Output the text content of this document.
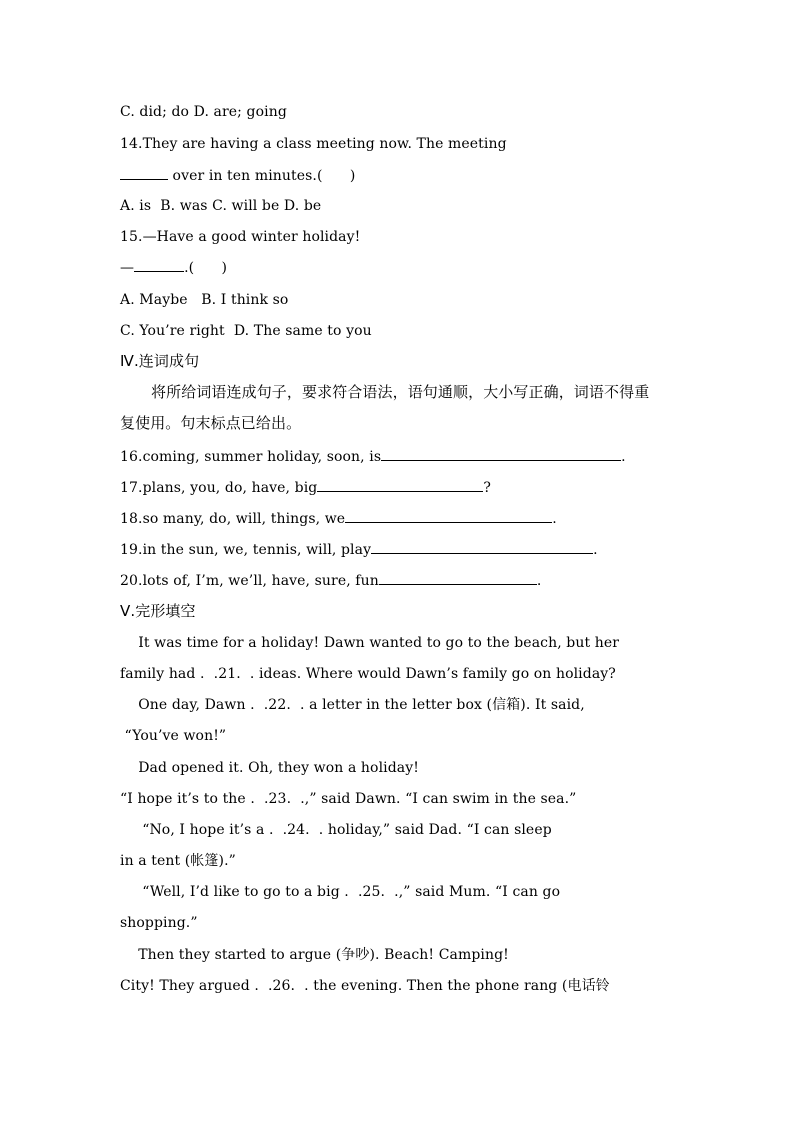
C. did; do D. are; going
14.They are having a class meeting now. The meeting
over in ten minutes.(      )
A. is  B. was C. will be D. be
15.—Have a good winter holiday!
—	.(      )
A. Maybe   B. I think so
C. You’re right  D. The same to you
Ⅳ.连词成句
将所给词语连成句子，要求符合语法，语句通顺，大小写正确，词语不得重
复使用。句末标点已给出。
16.coming, summer holiday, soon, is	.
17.plans, you, do, have, big	?
18.so many, do, will, things, we	.
19.in the sun, we, tennis, will, play	.
20.lots of, I’m, we’ll, have, sure, fun	.
Ⅴ.完形填空
It was time for a holiday! Dawn wanted to go to the beach, but her
family had .  .21.  . ideas. Where would Dawn’s family go on holiday?
One day, Dawn .  .22.  . a letter in the letter box (信箱). It said,
“You’ve won!”
Dad opened it. Oh, they won a holiday!
“I hope it’s to the .  .23.  .,” said Dawn. “I can swim in the sea.”
“No, I hope it’s a .  .24.  . holiday,” said Dad. “I can sleep
in a tent (帐篷).”
“Well, I’d like to go to a big .  .25.  .,” said Mum. “I can go
shopping.”
Then they started to argue (争吵). Beach! Camping!
City! They argued .  .26.  . the evening. Then the phone rang (电话铃
